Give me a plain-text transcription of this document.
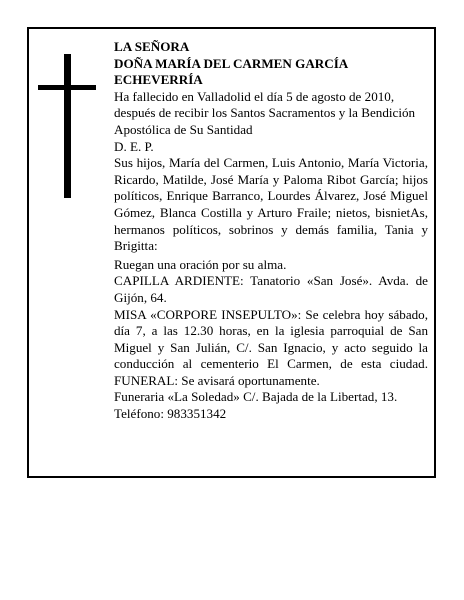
LA SEÑORA

DOÑA MARÍA DEL CARMEN GARCÍA

ECHEVERRÍA

Ha fallecido en Valladolid el día 5 de agosto de 2010, después de recibir los Santos Sacramentos y la Bendición Apostólica de Su Santidad

D. E. P.

Sus hijos, María del Carmen, Luis Antonio, María Victoria, Ricardo, Matilde, José María y Paloma Ribot García; hijos políticos, Enrique Barranco, Lourdes Álvarez, José Miguel Gómez, Blanca Costilla y Arturo Fraile; nietos, bisnietAs, hermanos políticos, sobrinos y demás familia, Tania y Brigitta:

Ruegan una oración por su alma.

CAPILLA ARDIENTE: Tanatorio «San José». Avda. de Gijón, 64.

MISA «CORPORE INSEPULTO»: Se celebra hoy sábado, día 7, a las 12.30 horas, en la iglesia parroquial de San Miguel y San Julián, C/. San Ignacio, y acto seguido la conducción al cementerio El Carmen, de esta ciudad. FUNERAL: Se avisará oportunamente.

Funeraria «La Soledad» C/. Bajada de la Libertad, 13.

Teléfono: 983351342
